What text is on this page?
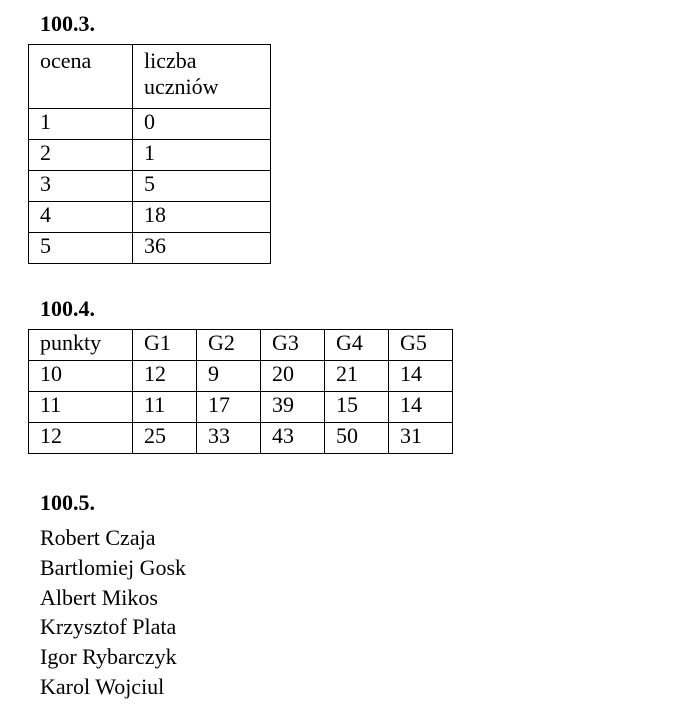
100.3.
ocena	liczba uczniów
1	0
2	1
3	5
4	18
5	36
100.4.
punkty	G1	G2	G3	G4	G5
10	12	9	20	21	14
11	11	17	39	15	14
12	25	33	43	50	31
100.5.
Robert Czaja
Bartlomiej Gosk
Albert Mikos
Krzysztof Plata
Igor Rybarczyk
Karol Wojciul
